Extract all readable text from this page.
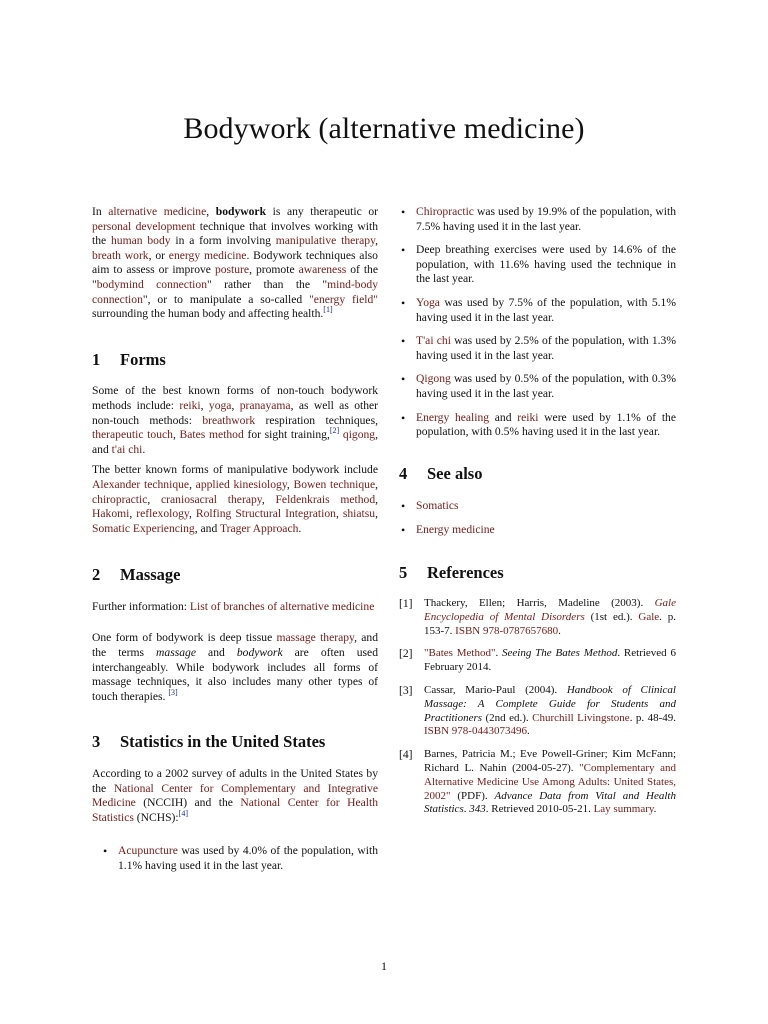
Bodywork (alternative medicine)

In alternative medicine, bodywork is any therapeutic or personal development technique that involves working with the human body in a form involving manipulative therapy, breath work, or energy medicine. Bodywork techniques also aim to assess or improve posture, promote awareness of the "bodymind connection" rather than the "mind-body connection", or to manipulate a so-called "energy field" surrounding the human body and affecting health.[1]

1 Forms

Some of the best known forms of non-touch bodywork methods include: reiki, yoga, pranayama, as well as other non-touch methods: breathwork respiration techniques, therapeutic touch, Bates method for sight training,[2] qigong, and t'ai chi.

The better known forms of manipulative bodywork include Alexander technique, applied kinesiology, Bowen technique, chiropractic, craniosacral therapy, Feldenkrais method, Hakomi, reflexology, Rolfing Structural Integration, shiatsu, Somatic Experiencing, and Trager Approach.

2 Massage

Further information: List of branches of alternative medicine

One form of bodywork is deep tissue massage therapy, and the terms massage and bodywork are often used interchangeably. While bodywork includes all forms of massage techniques, it also includes many other types of touch therapies. [3]

3 Statistics in the United States

According to a 2002 survey of adults in the United States by the National Center for Complementary and Integrative Medicine (NCCIH) and the National Center for Health Statistics (NCHS):[4]

• Acupuncture was used by 4.0% of the population, with 1.1% having used it in the last year.
• Chiropractic was used by 19.9% of the population, with 7.5% having used it in the last year.
• Deep breathing exercises were used by 14.6% of the population, with 11.6% having used the technique in the last year.
• Yoga was used by 7.5% of the population, with 5.1% having used it in the last year.
• T'ai chi was used by 2.5% of the population, with 1.3% having used it in the last year.
• Qigong was used by 0.5% of the population, with 0.3% having used it in the last year.
• Energy healing and reiki were used by 1.1% of the population, with 0.5% having used it in the last year.
4 See also
• Somatics
• Energy medicine
5 References
[1] Thackery, Ellen; Harris, Madeline (2003). Gale Encyclopedia of Mental Disorders (1st ed.). Gale. p. 153-7. ISBN 978-0787657680.

[2] "Bates Method". Seeing The Bates Method. Retrieved 6 February 2014.

[3] Cassar, Mario-Paul (2004). Handbook of Clinical Massage: A Complete Guide for Students and Practitioners (2nd ed.). Churchill Livingstone. p. 48-49. ISBN 978-0443073496.

[4] Barnes, Patricia M.; Eve Powell-Griner; Kim McFann; Richard L. Nahin (2004-05-27). "Complementary and Alternative Medicine Use Among Adults: United States, 2002" (PDF). Advance Data from Vital and Health Statistics. 343. Retrieved 2010-05-21. Lay summary.

1
